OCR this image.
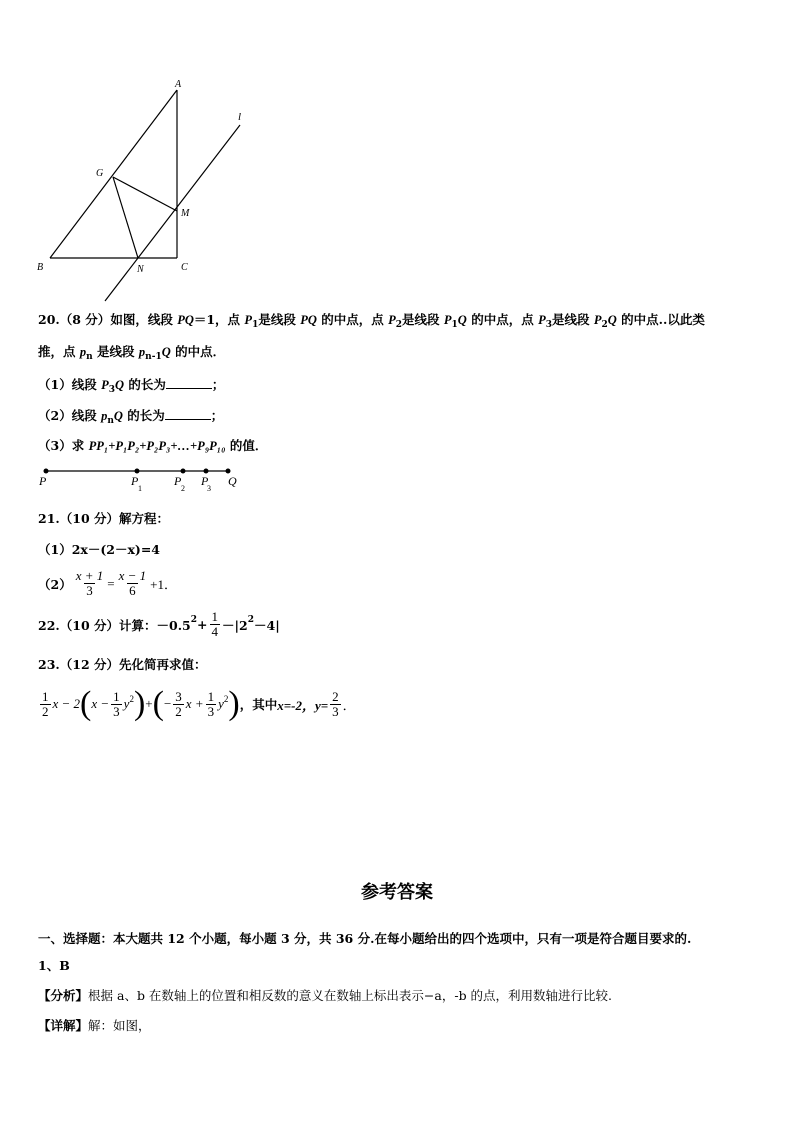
A
l
G
M
B	N	C
20.（8 分）如图，线段 PQ＝1，点 $P_1$是线段 PQ 的中点，点 $P_2$是线段 $P_1Q$ 的中点，点 $P_3$是线段 $P_2Q$ 的中点..以此类
推，点 $p_n$ 是线段 $p_{n-1}Q$ 的中点．
（1）线段 $P_3Q$ 的长为	；
（2）线段 $p_nQ$ 的长为	；
（3）求 PP₁+P₁P₂+P₂P₃+…+P₉P₁₀ 的值．
P	P
1
P
2
P
3
Q
21.（10 分）解方程：
（1）2x－(2－x)=4
$(2) \frac{x + 1}{3} = \frac{x - 1}{6} +1$．
22.（10 分）计算： －0.5 $2 + \frac{1}{4} -|2$ 2 －4|
23.（12 分）先化简再求值：
$\frac{1}{2}$ x − 2 ( $x - \frac{1}{3}$ y 2 ) + ( − $\frac{3}{2}$ $x + \frac{1}{3}$ y 2 ) ，其中 x=-2，$y= \frac{2}{3}$ ．
参考答案
一、选择题：本大题共 12 个小题，每小题 3 分，共 36 分.在每小题给出的四个选项中，只有一项是符合题目要求的.
1、B
【分析】根据 a、b 在数轴上的位置和相反数的意义在数轴上标出表示−a，-b 的点，利用数轴进行比较.
【详解】解：如图，
